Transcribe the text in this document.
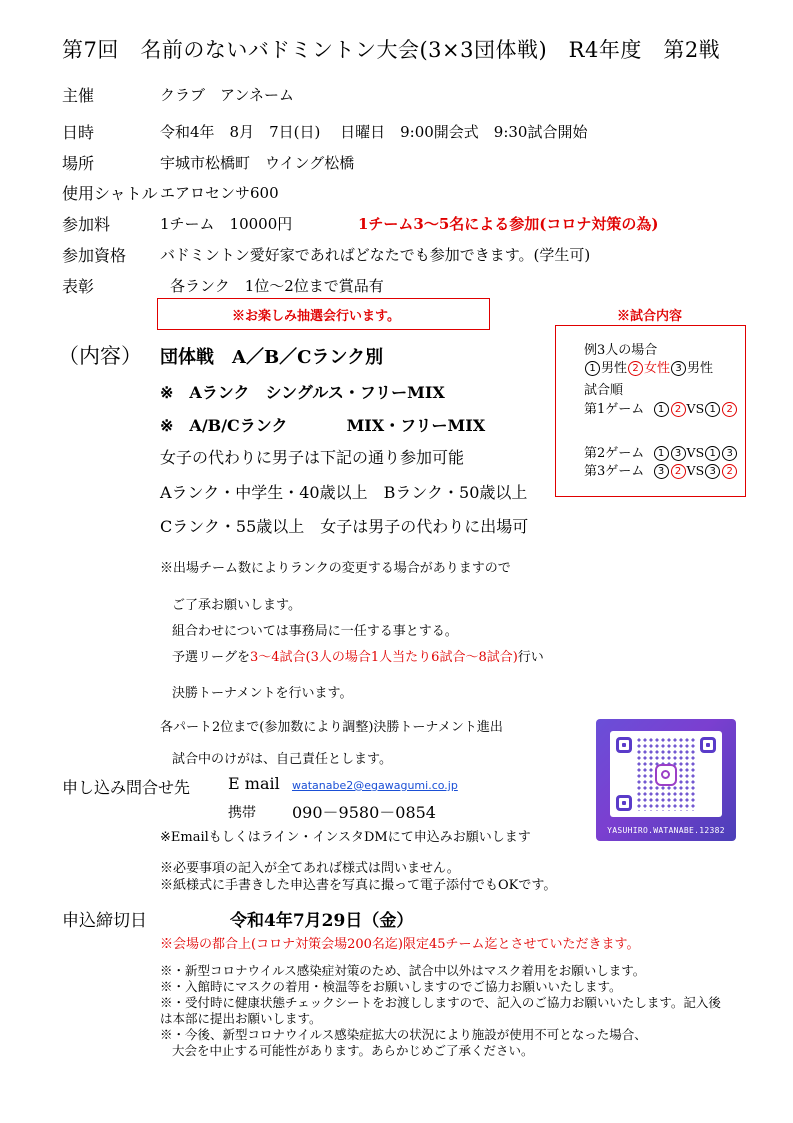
第7回　名前のないバドミントン大会(3×3団体戦)　R4年度　第2戦
主催	クラブ　アンネーム
日時	令和4年　8月　7日(日)　 日曜日　9:00開会式　9:30試合開始
場所	宇城市松橋町　ウイング松橋
使用シャトル エアロセンサ600
参加料	1チーム　10000円	1チーム3～5名による参加(コロナ対策の為)
参加資格 バドミントン愛好家であればどなたでも参加できます。(学生可)
表彰	各ランク　1位～2位まで賞品有
※お楽しみ抽選会行います。	※試合内容
例3人の場合
1 男性 2 女性 3 男性
試合順
第1ゲーム 1 2 VS 1 2
第2ゲーム 1 3 VS 1 3
第3ゲーム 3 2 VS 3 2
（内容） 団体戦　A／B／Cランク別
※　Aランク　シングルス・フリーMIX
※　A/B/Cランク　　　  MIX・フリーMIX
女子の代わりに男子は下記の通り参加可能
Aランク・中学生・40歳以上　Bランク・50歳以上
Cランク・55歳以上　女子は男子の代わりに出場可
※出場チーム数によりランクの変更する場合がありますので
ご了承お願いします。
組合わせについては事務局に一任する事とする。
予選リーグを3～4試合(3人の場合1人当たり6試合～8試合)行い
決勝トーナメントを行います。
各パート2位まで(参加数により調整)決勝トーナメント進出
試合中のけがは、自己責任とします。
YASUHIRO.WATANABE.12382
申し込み問合せ先 E mail watanabe2@egawagumi.co.jp
携帯 090－9580－0854
※Emailもしくはライン・インスタDMにて申込みお願いします
※必要事項の記入が全てあれば様式は問いません。
※紙様式に手書きした申込書を写真に撮って電子添付でもOKです。
申込締切日	令和4年7月29日（金）
※会場の都合上(コロナ対策会場200名迄)限定45チーム迄とさせていただきます。
※・新型コロナウイルス感染症対策のため、試合中以外はマスク着用をお願いします。
※・入館時にマスクの着用・検温等をお願いしますのでご協力お願いいたします。
※・受付時に健康状態チェックシートをお渡ししますので、記入のご協力お願いいたします。記入後
は本部に提出お願いします。
※・今後、新型コロナウイルス感染症拡大の状況により施設が使用不可となった場合、
大会を中止する可能性があります。あらかじめご了承ください。
